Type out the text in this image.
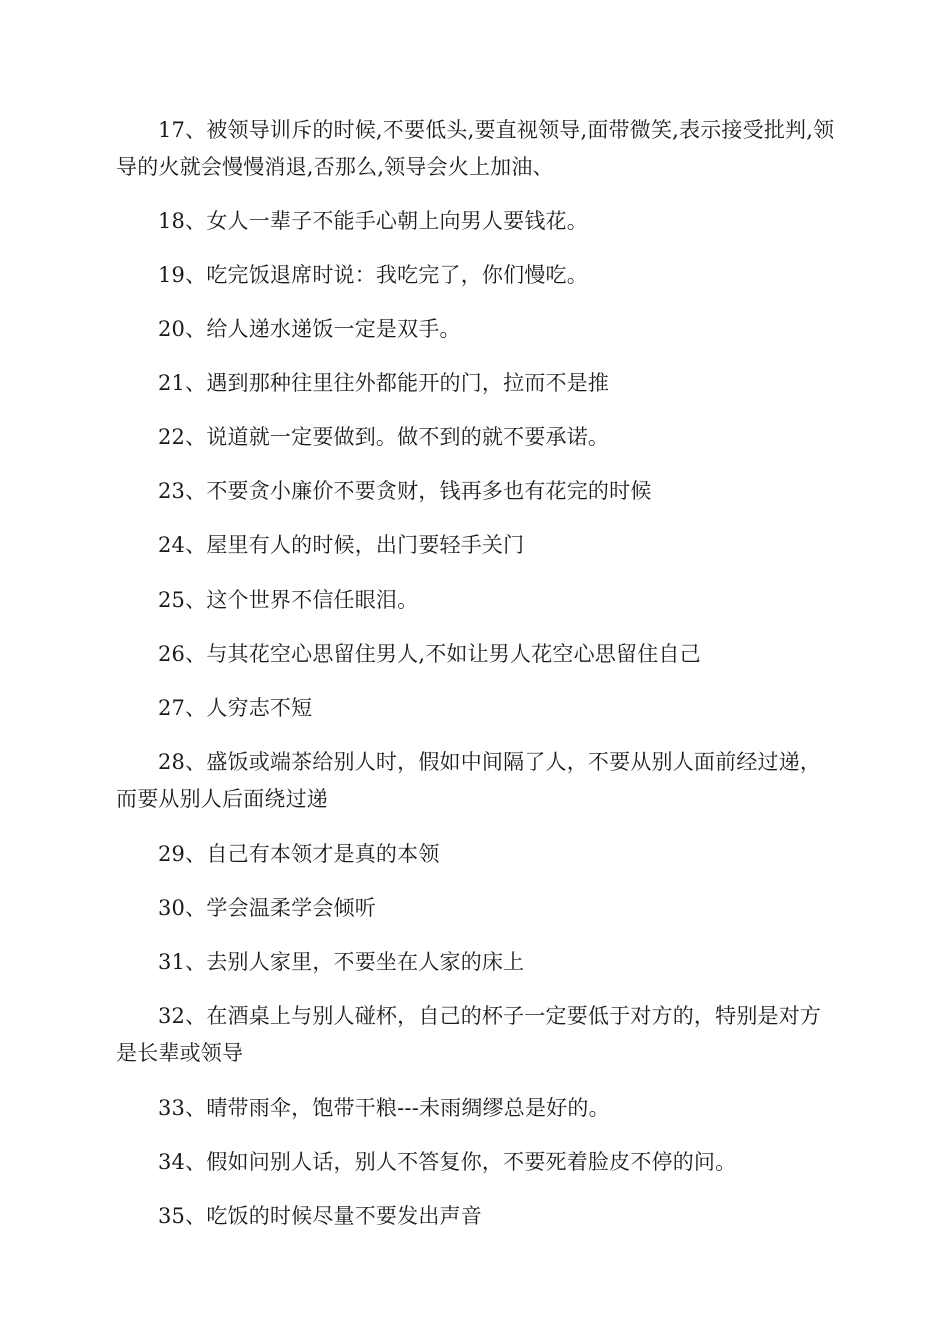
17、被领导训斥的时候,不要低头,要直视领导,面带微笑,表示接受批判,领导的火就会慢慢消退,否那么,领导会火上加油、

18、女人一辈子不能手心朝上向男人要钱花。

19、吃完饭退席时说：我吃完了，你们慢吃。

20、给人递水递饭一定是双手。

21、遇到那种往里往外都能开的门，拉而不是推

22、说道就一定要做到。做不到的就不要承诺。

23、不要贪小廉价不要贪财，钱再多也有花完的时候

24、屋里有人的时候，出门要轻手关门

25、这个世界不信任眼泪。

26、与其花空心思留住男人,不如让男人花空心思留住自己

27、人穷志不短

28、盛饭或端茶给别人时，假如中间隔了人，不要从别人面前经过递，而要从别人后面绕过递

29、自己有本领才是真的本领

30、学会温柔学会倾听

31、去别人家里，不要坐在人家的床上

32、在酒桌上与别人碰杯，自己的杯子一定要低于对方的，特别是对方是长辈或领导

33、晴带雨伞，饱带干粮---未雨绸缪总是好的。

34、假如问别人话，别人不答复你，不要死着脸皮不停的问。

35、吃饭的时候尽量不要发出声音
